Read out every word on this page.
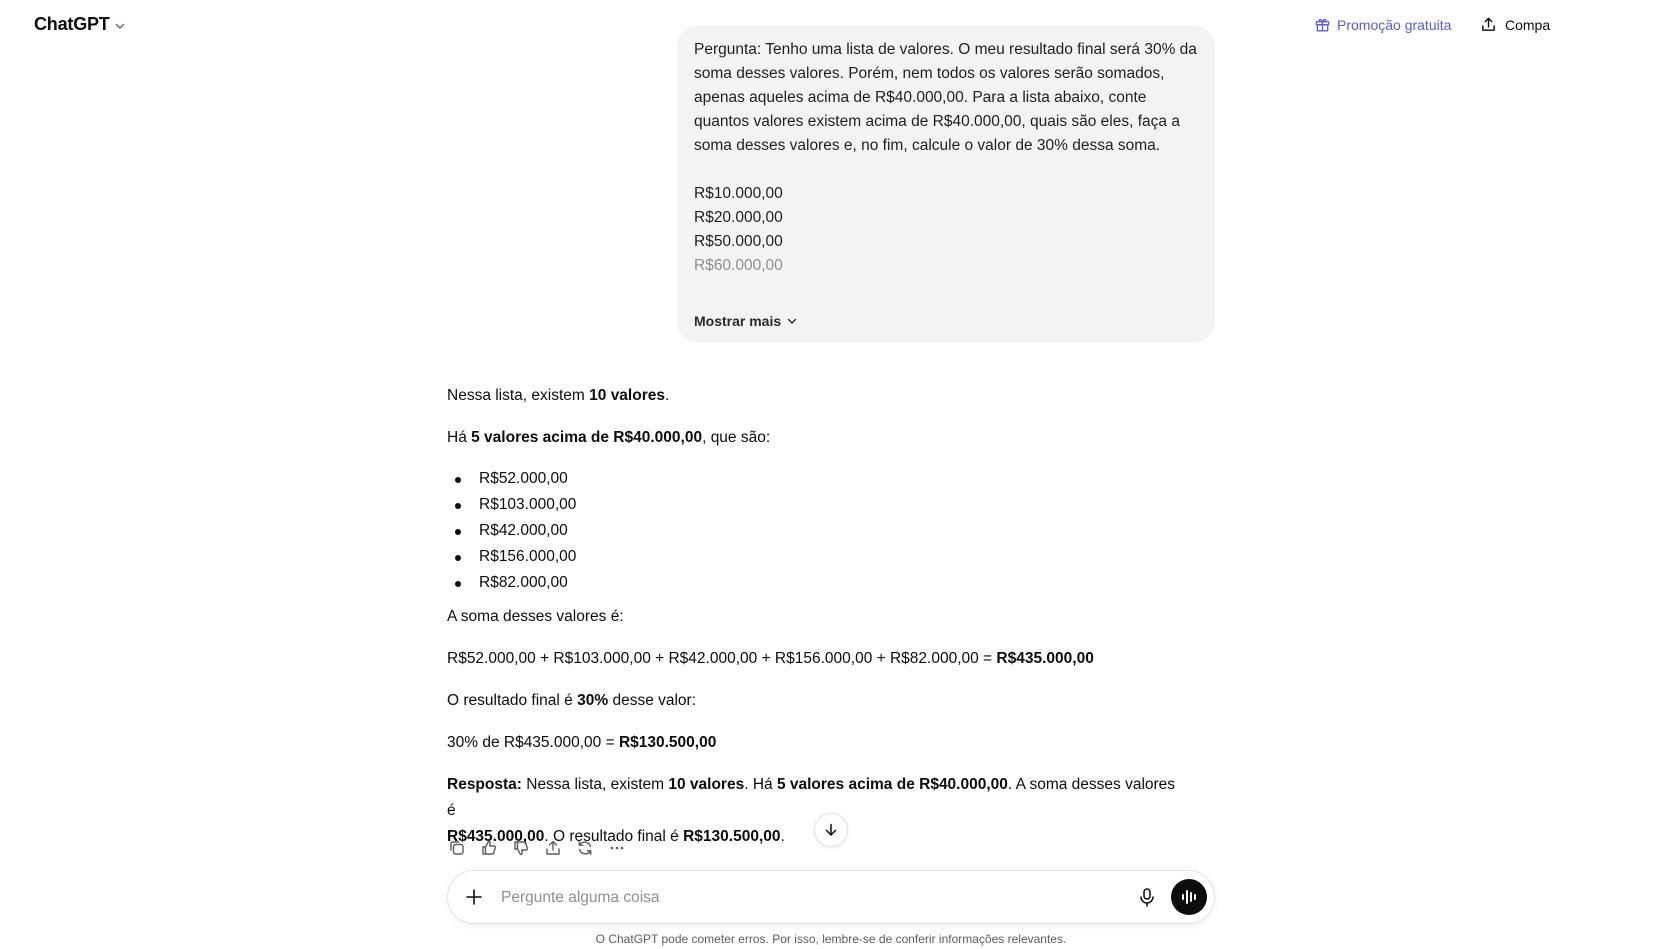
ChatGPT	Promoção gratuita	Compa

Pergunta: Tenho uma lista de valores. O meu resultado final será 30% da soma desses valores. Porém, nem todos os valores serão somados, apenas aqueles acima de R$40.000,00. Para a lista abaixo, conte quantos valores existem acima de R$40.000,00, quais são eles, faça a soma desses valores e, no fim, calcule o valor de 30% dessa soma.

R$10.000,00
R$20.000,00
R$50.000,00
R$60.000,00
Mostrar mais

Nessa lista, existem 10 valores.

Há 5 valores acima de R$40.000,00, que são:

R$52.000,00
R$103.000,00
R$42.000,00
R$156.000,00
R$82.000,00

A soma desses valores é:

R$52.000,00 + R$103.000,00 + R$42.000,00 + R$156.000,00 + R$82.000,00 = R$435.000,00

O resultado final é 30% desse valor:

30% de R$435.000,00 = R$130.500,00

Resposta: Nessa lista, existem 10 valores. Há 5 valores acima de R$40.000,00. A soma desses valores é
R$435.000,00. O resultado final é R$130.500,00.

Pergunte alguma coisa
O ChatGPT pode cometer erros. Por isso, lembre-se de conferir informações relevantes.
